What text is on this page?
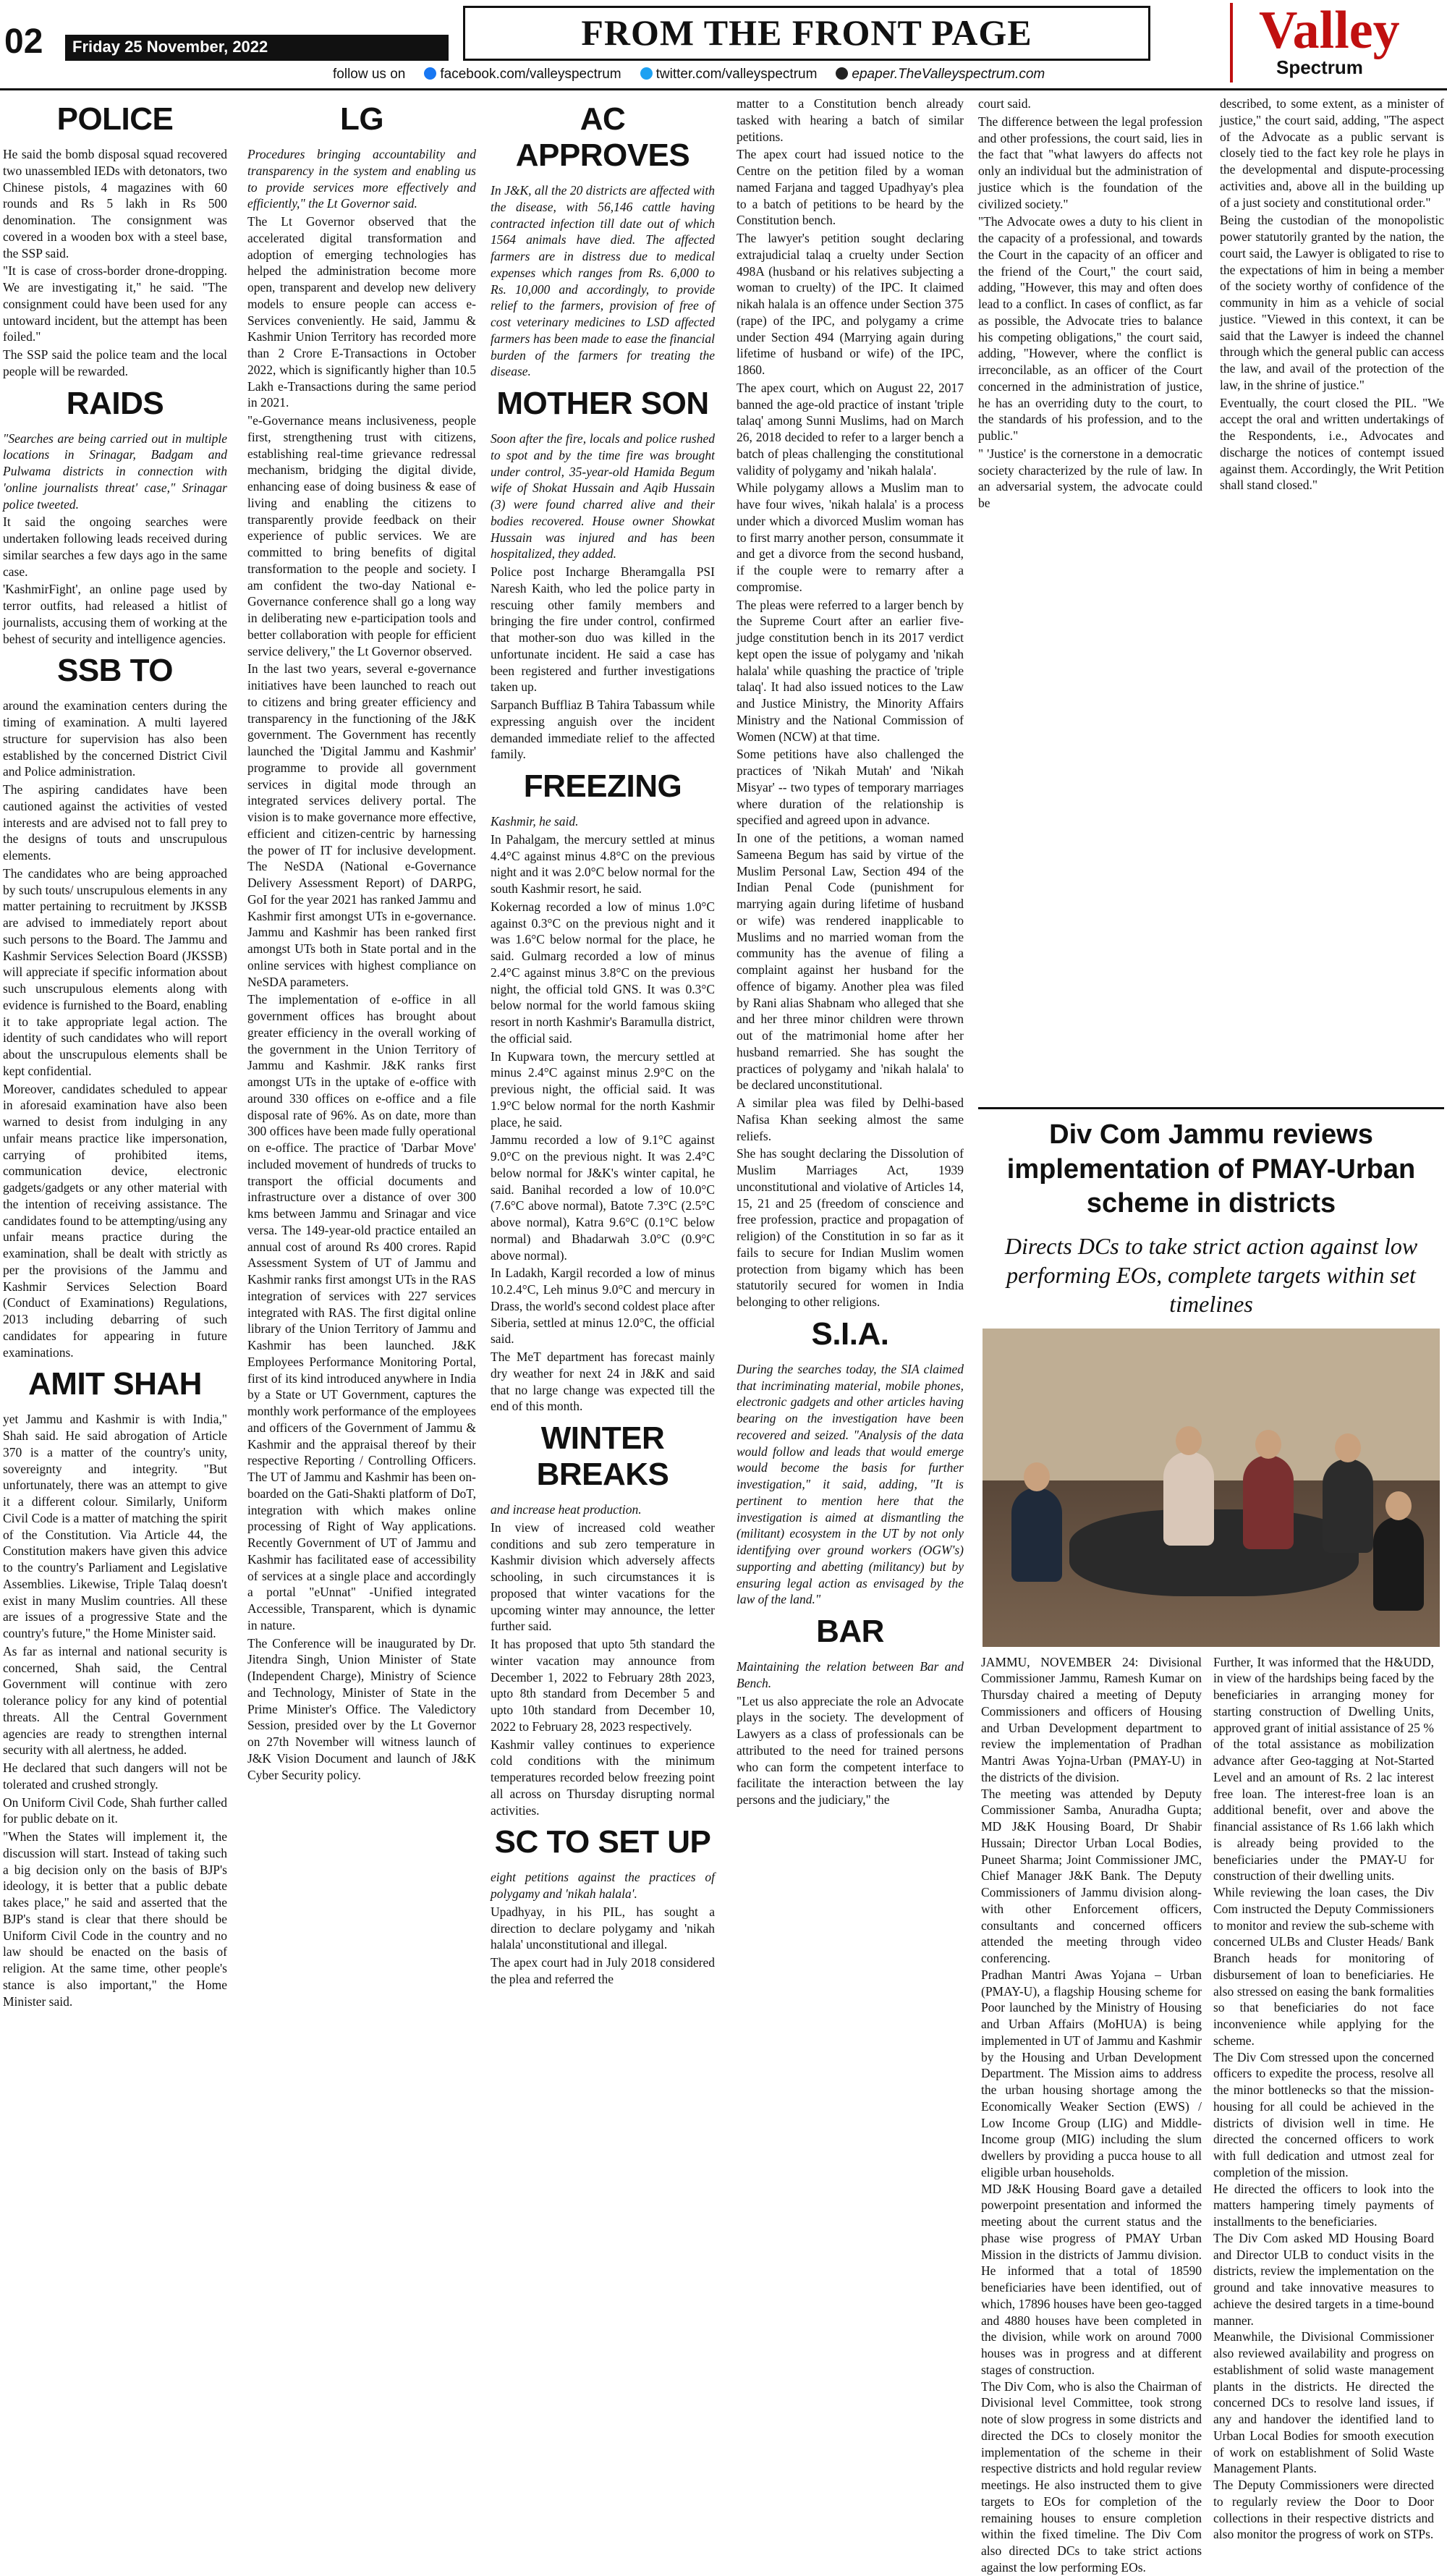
02	Friday 25 November, 2022	FROM THE FRONT PAGE
follow us on	facebook.com/valleyspectrum	twitter.com/valleyspectrum	epaper.TheValleyspectrum.com
Valley
Spectrum
POLICE

He said the bomb disposal squad recovered two unassembled IEDs with detonators, two Chinese pistols, 4 magazines with 60 rounds and Rs 5 lakh in Rs 500 denomination. The consignment was covered in a wooden box with a steel base, the SSP said.

"It is case of cross-border drone-dropping. We are investigating it," he said. "The consignment could have been used for any untoward incident, but the attempt has been foiled."

The SSP said the police team and the local people will be rewarded.

RAIDS

"Searches are being carried out in multiple locations in Srinagar, Badgam and Pulwama districts in connection with 'online journalists threat' case," Srinagar police tweeted.

It said the ongoing searches were undertaken following leads received during similar searches a few days ago in the same case.

'KashmirFight', an online page used by terror outfits, had released a hitlist of journalists, accusing them of working at the behest of security and intelligence agencies.

SSB TO

around the examination centers during the timing of examination. A multi layered structure for supervision has also been established by the concerned District Civil and Police administration.

The aspiring candidates have been cautioned against the activities of vested interests and are advised not to fall prey to the designs of touts and unscrupulous elements.

The candidates who are being approached by such touts/ unscrupulous elements in any matter pertaining to recruitment by JKSSB are advised to immediately report about such persons to the Board. The Jammu and Kashmir Services Selection Board (JKSSB) will appreciate if specific information about such unscrupulous elements along with evidence is furnished to the Board, enabling it to take appropriate legal action. The identity of such candidates who will report about the unscrupulous elements shall be kept confidential.

Moreover, candidates scheduled to appear in aforesaid examination have also been warned to desist from indulging in any unfair means practice like impersonation, carrying of prohibited items, communication device, electronic gadgets/gadgets or any other material with the intention of receiving assistance. The candidates found to be attempting/using any unfair means practice during the examination, shall be dealt with strictly as per the provisions of the Jammu and Kashmir Services Selection Board (Conduct of Examinations) Regulations, 2013 including debarring of such candidates for appearing in future examinations.

AMIT SHAH

yet Jammu and Kashmir is with India," Shah said. He said abrogation of Article 370 is a matter of the country's unity, sovereignty and integrity. "But unfortunately, there was an attempt to give it a different colour. Similarly, Uniform Civil Code is a matter of matching the spirit of the Constitution. Via Article 44, the Constitution makers have given this advice to the country's Parliament and Legislative Assemblies. Likewise, Triple Talaq doesn't exist in many Muslim countries. All these are issues of a progressive State and the country's future," the Home Minister said.

As far as internal and national security is concerned, Shah said, the Central Government will continue with zero tolerance policy for any kind of potential threats. All the Central Government agencies are ready to strengthen internal security with all alertness, he added.

He declared that such dangers will not be tolerated and crushed strongly.

On Uniform Civil Code, Shah further called for public debate on it.

"When the States will implement it, the discussion will start. Instead of taking such a big decision only on the basis of BJP's ideology, it is better that a public debate takes place," he said and asserted that the BJP's stand is clear that there should be Uniform Civil Code in the country and no law should be enacted on the basis of religion. At the same time, other people's stance is also important," the Home Minister said.

LG

Procedures bringing accountability and transparency in the system and enabling us to provide services more effectively and efficiently," the Lt Governor said.

The Lt Governor observed that the accelerated digital transformation and adoption of emerging technologies has helped the administration become more open, transparent and develop new delivery models to ensure people can access e-Services conveniently. He said, Jammu & Kashmir Union Territory has recorded more than 2 Crore E-Transactions in October 2022, which is significantly higher than 10.5 Lakh e-Transactions during the same period in 2021.

"e-Governance means inclusiveness, people first, strengthening trust with citizens, establishing real-time grievance redressal mechanism, bridging the digital divide, enhancing ease of doing business & ease of living and enabling the citizens to transparently provide feedback on their experience of public services. We are committed to bring benefits of digital transformation to the people and society. I am confident the two-day National e-Governance conference shall go a long way in deliberating new e-participation tools and better collaboration with people for efficient service delivery," the Lt Governor observed.

In the last two years, several e-governance initiatives have been launched to reach out to citizens and bring greater efficiency and transparency in the functioning of the J&K government. The Government has recently launched the 'Digital Jammu and Kashmir' programme to provide all government services in digital mode through an integrated services delivery portal. The vision is to make governance more effective, efficient and citizen-centric by harnessing the power of IT for inclusive development. The NeSDA (National e-Governance Delivery Assessment Report) of DARPG, GoI for the year 2021 has ranked Jammu and Kashmir first amongst UTs in e-governance. Jammu and Kashmir has been ranked first amongst UTs both in State portal and in the online services with highest compliance on NeSDA parameters.

The implementation of e-office in all government offices has brought about greater efficiency in the overall working of the government in the Union Territory of Jammu and Kashmir. J&K ranks first amongst UTs in the uptake of e-office with around 330 offices on e-office and a file disposal rate of 96%. As on date, more than 300 offices have been made fully operational on e-office. The practice of 'Darbar Move' included movement of hundreds of trucks to transport the official documents and infrastructure over a distance of over 300 kms between Jammu and Srinagar and vice versa. The 149-year-old practice entailed an annual cost of around Rs 400 crores. Rapid Assessment System of UT of Jammu and Kashmir ranks first amongst UTs in the RAS integration of services with 227 services integrated with RAS. The first digital online library of the Union Territory of Jammu and Kashmir has been launched. J&K Employees Performance Monitoring Portal, first of its kind introduced anywhere in India by a State or UT Government, captures the monthly work performance of the employees and officers of the Government of Jammu & Kashmir and the appraisal thereof by their respective Reporting / Controlling Officers. The UT of Jammu and Kashmir has been on-boarded on the Gati-Shakti platform of DoT, integration with which makes online processing of Right of Way applications. Recently Government of UT of Jammu and Kashmir has facilitated ease of accessibility of services at a single place and accordingly a portal "eUnnat" -Unified integrated Accessible, Transparent, which is dynamic in nature.

The Conference will be inaugurated by Dr. Jitendra Singh, Union Minister of State (Independent Charge), Ministry of Science and Technology, Minister of State in the Prime Minister's Office. The Valedictory Session, presided over by the Lt Governor on 27th November will witness launch of J&K Vision Document and launch of J&K Cyber Security policy.

AC APPROVES

In J&K, all the 20 districts are affected with the disease, with 56,146 cattle having contracted infection till date out of which 1564 animals have died. The affected farmers are in distress due to medical expenses which ranges from Rs. 6,000 to Rs. 10,000 and accordingly, to provide relief to the farmers, provision of free of cost veterinary medicines to LSD affected farmers has been made to ease the financial burden of the farmers for treating the disease.

MOTHER SON

Soon after the fire, locals and police rushed to spot and by the time fire was brought under control, 35-year-old Hamida Begum wife of Shokat Hussain and Aqib Hussain (3) were found charred alive and their bodies recovered. House owner Showkat Hussain was injured and has been hospitalized, they added.

Police post Incharge Bheramgalla PSI Naresh Kaith, who led the police party in rescuing other family members and bringing the fire under control, confirmed that mother-son duo was killed in the unfortunate incident. He said a case has been registered and further investigations taken up.

Sarpanch Buffliaz B Tahira Tabassum while expressing anguish over the incident demanded immediate relief to the affected family.

FREEZING

Kashmir, he said.

In Pahalgam, the mercury settled at minus 4.4°C against minus 4.8°C on the previous night and it was 2.0°C below normal for the south Kashmir resort, he said.

Kokernag recorded a low of minus 1.0°C against 0.3°C on the previous night and it was 1.6°C below normal for the place, he said. Gulmarg recorded a low of minus 2.4°C against minus 3.8°C on the previous night, the official told GNS. It was 0.3°C below normal for the world famous skiing resort in north Kashmir's Baramulla district, the official said.

In Kupwara town, the mercury settled at minus 2.4°C against minus 2.9°C on the previous night, the official said. It was 1.9°C below normal for the north Kashmir place, he said.

Jammu recorded a low of 9.1°C against 9.0°C on the previous night. It was 2.4°C below normal for J&K's winter capital, he said. Banihal recorded a low of 10.0°C (7.6°C above normal), Batote 7.3°C (2.5°C above normal), Katra 9.6°C (0.1°C below normal) and Bhadarwah 3.0°C (0.9°C above normal).

In Ladakh, Kargil recorded a low of minus 10.2.4°C, Leh minus 9.0°C and mercury in Drass, the world's second coldest place after Siberia, settled at minus 12.0°C, the official said.

The MeT department has forecast mainly dry weather for next 24 in J&K and said that no large change was expected till the end of this month.

WINTER BREAKS

and increase heat production.

In view of increased cold weather conditions and sub zero temperature in Kashmir division which adversely affects schooling, in such circumstances it is proposed that winter vacations for the upcoming winter may announce, the letter further said.

It has proposed that upto 5th standard the winter vacation may announce from December 1, 2022 to February 28th 2023, upto 8th standard from December 5 and upto 10th standard from December 10, 2022 to February 28, 2023 respectively.

Kashmir valley continues to experience cold conditions with the minimum temperatures recorded below freezing point all across on Thursday disrupting normal activities.

SC TO SET UP

eight petitions against the practices of polygamy and 'nikah halala'.

Upadhyay, in his PIL, has sought a direction to declare polygamy and 'nikah halala' unconstitutional and illegal.

The apex court had in July 2018 considered the plea and referred the

matter to a Constitution bench already tasked with hearing a batch of similar petitions.

The apex court had issued notice to the Centre on the petition filed by a woman named Farjana and tagged Upadhyay's plea to a batch of petitions to be heard by the Constitution bench.

The lawyer's petition sought declaring extrajudicial talaq a cruelty under Section 498A (husband or his relatives subjecting a woman to cruelty) of the IPC. It claimed nikah halala is an offence under Section 375 (rape) of the IPC, and polygamy a crime under Section 494 (Marrying again during lifetime of husband or wife) of the IPC, 1860.

The apex court, which on August 22, 2017 banned the age-old practice of instant 'triple talaq' among Sunni Muslims, had on March 26, 2018 decided to refer to a larger bench a batch of pleas challenging the constitutional validity of polygamy and 'nikah halala'.

While polygamy allows a Muslim man to have four wives, 'nikah halala' is a process under which a divorced Muslim woman has to first marry another person, consummate it and get a divorce from the second husband, if the couple were to remarry after a compromise.

The pleas were referred to a larger bench by the Supreme Court after an earlier five-judge constitution bench in its 2017 verdict kept open the issue of polygamy and 'nikah halala' while quashing the practice of 'triple talaq'. It had also issued notices to the Law and Justice Ministry, the Minority Affairs Ministry and the National Commission of Women (NCW) at that time.

Some petitions have also challenged the practices of 'Nikah Mutah' and 'Nikah Misyar' -- two types of temporary marriages where duration of the relationship is specified and agreed upon in advance.

In one of the petitions, a woman named Sameena Begum has said by virtue of the Muslim Personal Law, Section 494 of the Indian Penal Code (punishment for marrying again during lifetime of husband or wife) was rendered inapplicable to Muslims and no married woman from the community has the avenue of filing a complaint against her husband for the offence of bigamy. Another plea was filed by Rani alias Shabnam who alleged that she and her three minor children were thrown out of the matrimonial home after her husband remarried. She has sought the practices of polygamy and 'nikah halala' to be declared unconstitutional.

A similar plea was filed by Delhi-based Nafisa Khan seeking almost the same reliefs.

She has sought declaring the Dissolution of Muslim Marriages Act, 1939 unconstitutional and violative of Articles 14, 15, 21 and 25 (freedom of conscience and free profession, practice and propagation of religion) of the Constitution in so far as it fails to secure for Indian Muslim women protection from bigamy which has been statutorily secured for women in India belonging to other religions.

S.I.A.

During the searches today, the SIA claimed that incriminating material, mobile phones, electronic gadgets and other articles having bearing on the investigation have been recovered and seized. "Analysis of the data would follow and leads that would emerge would become the basis for further investigation," it said, adding, "It is pertinent to mention here that the investigation is aimed at dismantling the (militant) ecosystem in the UT by not only identifying over ground workers (OGW's) supporting and abetting (militancy) but by ensuring legal action as envisaged by the law of the land."

BAR

Maintaining the relation between Bar and Bench.

"Let us also appreciate the role an Advocate plays in the society. The development of Lawyers as a class of professionals can be attributed to the need for trained persons who can form the competent interface to facilitate the interaction between the lay persons and the judiciary," the

court said.

The difference between the legal profession and other professions, the court said, lies in the fact that "what lawyers do affects not only an individual but the administration of justice which is the foundation of the civilized society."

"The Advocate owes a duty to his client in the capacity of a professional, and towards the Court in the capacity of an officer and the friend of the Court," the court said, adding, "However, this may and often does lead to a conflict. In cases of conflict, as far as possible, the Advocate tries to balance his competing obligations," the court said, adding, "However, where the conflict is irreconcilable, as an officer of the Court concerned in the administration of justice, he has an overriding duty to the court, to the standards of his profession, and to the public."

" 'Justice' is the cornerstone in a democratic society characterized by the rule of law. In an adversarial system, the advocate could be

described, to some extent, as a minister of justice," the court said, adding, "The aspect of the Advocate as a public servant is closely tied to the fact key role he plays in the developmental and dispute-processing activities and, above all in the building up of a just society and constitutional order."

Being the custodian of the monopolistic power statutorily granted by the nation, the court said, the Lawyer is obligated to rise to the expectations of him in being a member of the society worthy of confidence of the community in him as a vehicle of social justice. "Viewed in this context, it can be said that the Lawyer is indeed the channel through which the general public can access the law, and avail of the protection of the law, in the shrine of justice."

Eventually, the court closed the PIL. "We accept the oral and written undertakings of the Respondents, i.e., Advocates and discharge the notices of contempt issued against them. Accordingly, the Writ Petition shall stand closed."

Div Com Jammu reviews implementation of PMAY-Urban scheme in districts
Directs DCs to take strict action against low performing EOs, complete targets within set timelines

JAMMU, NOVEMBER 24: Divisional Commissioner Jammu, Ramesh Kumar on Thursday chaired a meeting of Deputy Commissioners and officers of Housing and Urban Development department to review the implementation of Pradhan Mantri Awas Yojna-Urban (PMAY-U) in the districts of the division.

The meeting was attended by Deputy Commissioner Samba, Anuradha Gupta; MD J&K Housing Board, Dr Shabir Hussain; Director Urban Local Bodies, Puneet Sharma; Joint Commissioner JMC, Chief Manager J&K Bank. The Deputy Commissioners of Jammu division along-with other Enforcement officers, consultants and concerned officers attended the meeting through video conferencing.

Pradhan Mantri Awas Yojana – Urban (PMAY-U), a flagship Housing scheme for Poor launched by the Ministry of Housing and Urban Affairs (MoHUA) is being implemented in UT of Jammu and Kashmir by the Housing and Urban Development Department. The Mission aims to address the urban housing shortage among the Economically Weaker Section (EWS) / Low Income Group (LIG) and Middle-Income group (MIG) including the slum dwellers by providing a pucca house to all eligible urban households.

MD J&K Housing Board gave a detailed powerpoint presentation and informed the meeting about the current status and the phase wise progress of PMAY Urban Mission in the districts of Jammu division. He informed that a total of 18590 beneficiaries have been identified, out of which, 17896 houses have been geo-tagged and 4880 houses have been completed in the division, while work on around 7000 houses was in progress and at different stages of construction.

The Div Com, who is also the Chairman of Divisional level Committee, took strong note of slow progress in some districts and directed the DCs to closely monitor the implementation of the scheme in their respective districts and hold regular review meetings. He also instructed them to give targets to EOs for completion of the remaining houses to ensure completion within the fixed timeline. The Div Com also directed DCs to take strict actions against the low performing EOs.

Further, It was informed that the H&UDD, in view of the hardships being faced by the beneficiaries in arranging money for starting construction of Dwelling Units, approved grant of initial assistance of 25 % of the total assistance as mobilization advance after Geo-tagging at Not-Started Level and an amount of Rs. 2 lac interest free loan. The interest-free loan is an additional benefit, over and above the financial assistance of Rs 1.66 lakh which is already being provided to the beneficiaries under the PMAY-U for construction of their dwelling units.

While reviewing the loan cases, the Div Com instructed the Deputy Commissioners to monitor and review the sub-scheme with concerned ULBs and Cluster Heads/ Bank Branch heads for monitoring of disbursement of loan to beneficiaries. He also stressed on easing the bank formalities so that beneficiaries do not face inconvenience while applying for the scheme.

The Div Com stressed upon the concerned officers to expedite the process, resolve all the minor bottlenecks so that the mission-housing for all could be achieved in the districts of division well in time. He directed the concerned officers to work with full dedication and utmost zeal for completion of the mission.

He directed the officers to look into the matters hampering timely payments of installments to the beneficiaries.

The Div Com asked MD Housing Board and Director ULB to conduct visits in the districts, review the implementation on the ground and take innovative measures to achieve the desired targets in a time-bound manner.

Meanwhile, the Divisional Commissioner also reviewed availability and progress on establishment of solid waste management plants in the districts. He directed the concerned DCs to resolve land issues, if any and handover the identified land to Urban Local Bodies for smooth execution of work on establishment of Solid Waste Management Plants.

The Deputy Commissioners were directed to regularly review the Door to Door collections in their respective districts and also monitor the progress of work on STPs.
